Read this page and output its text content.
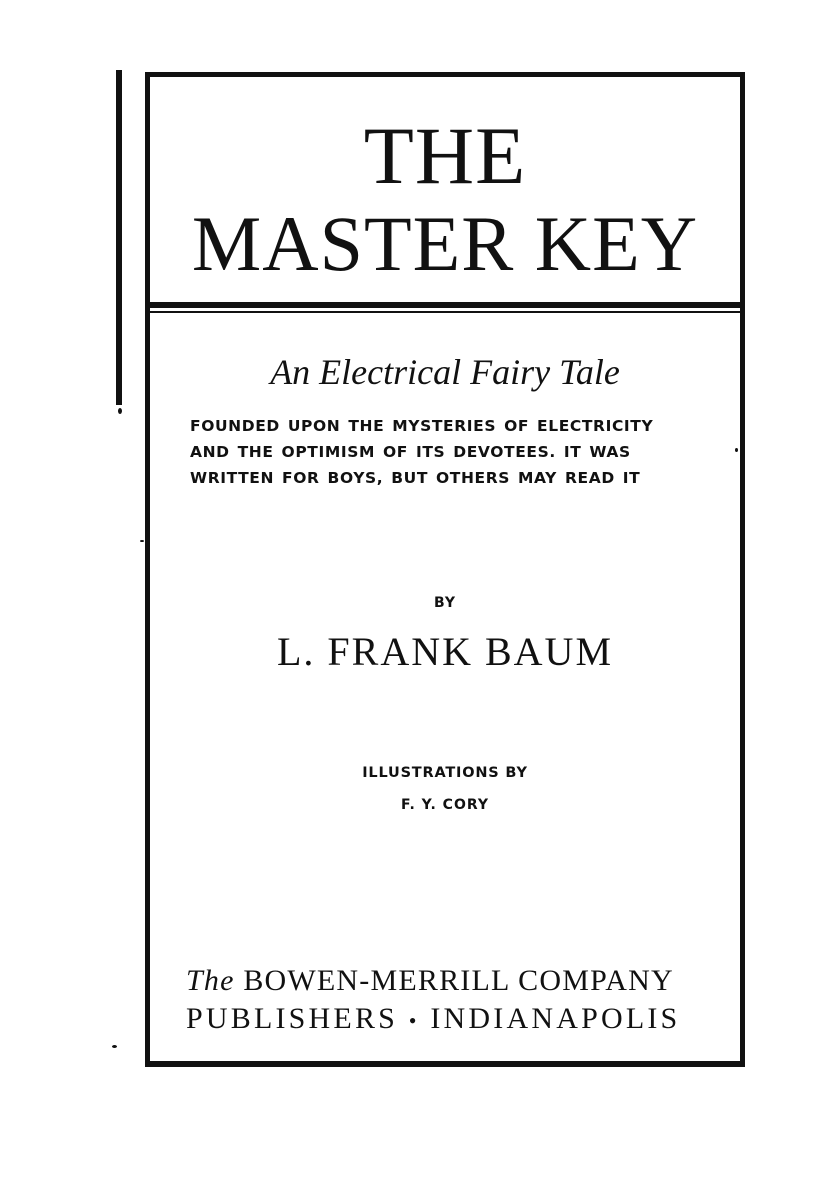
THE
MASTER KEY
An Electrical Fairy Tale
FOUNDED UPON THE MYSTERIES OF ELECTRICITY
AND THE OPTIMISM OF ITS DEVOTEES. IT WAS
WRITTEN FOR BOYS, BUT OTHERS MAY READ IT
BY
L. FRANK BAUM
ILLUSTRATIONS BY
F. Y. CORY
The BOWEN-MERRILL COMPANY
PUBLISHERS • INDIANAPOLIS
